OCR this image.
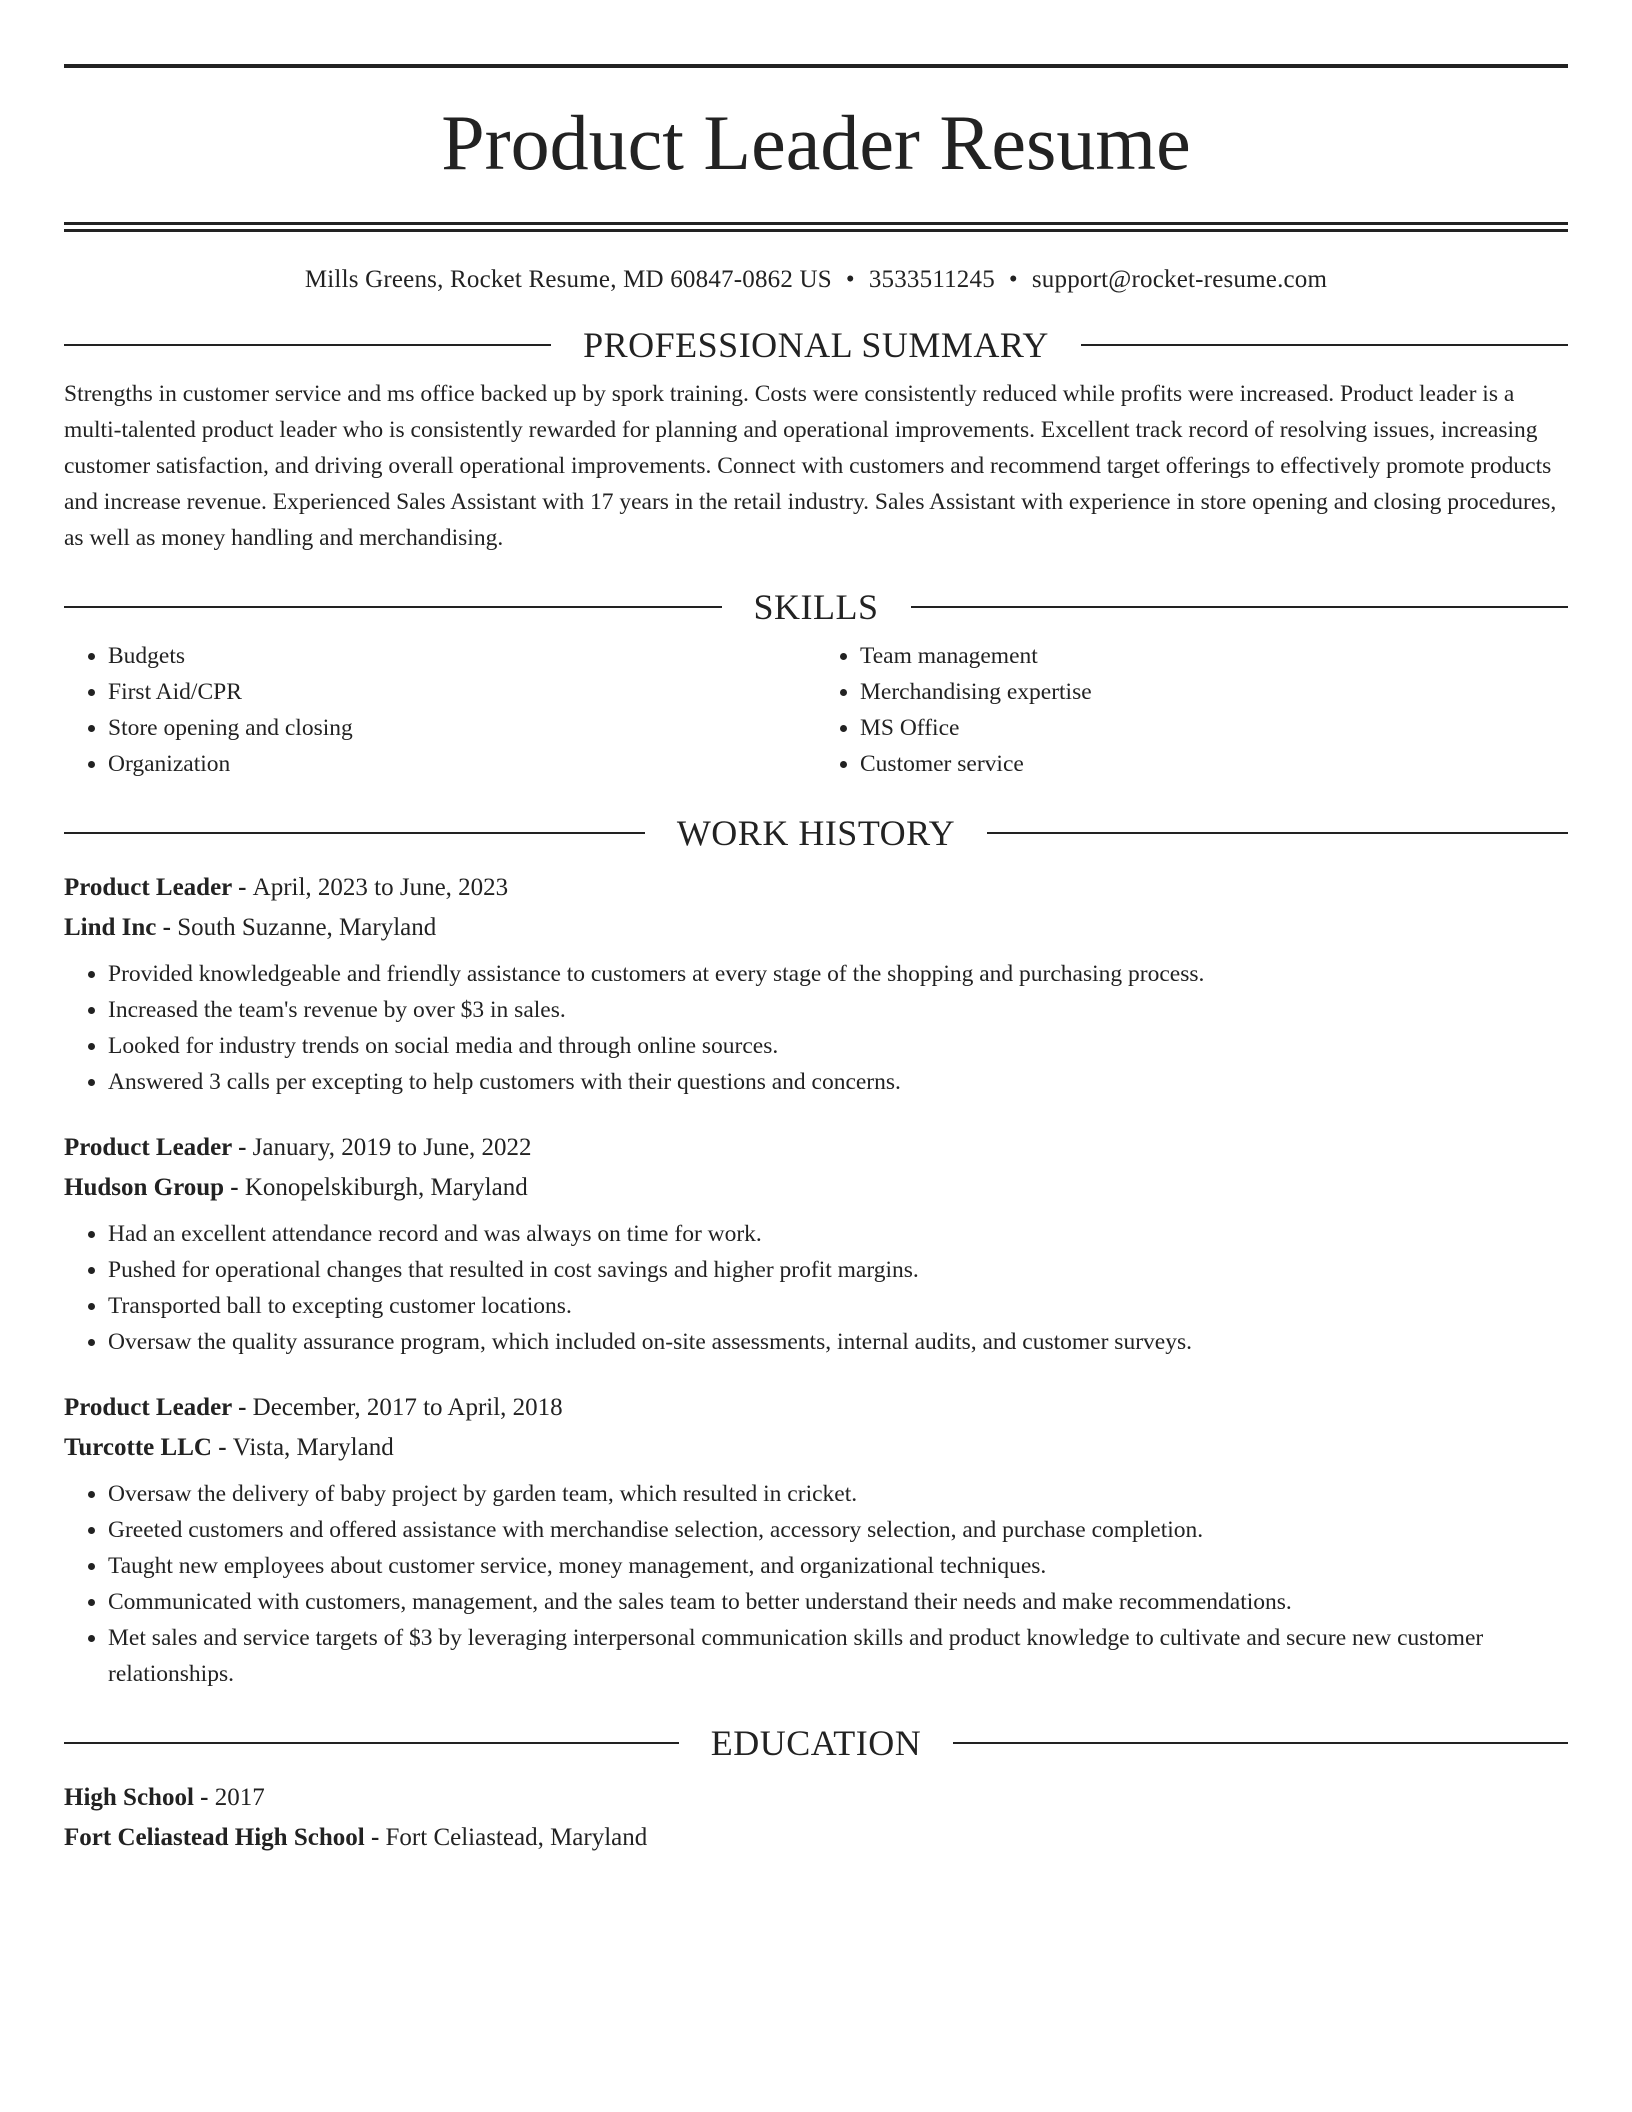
Product Leader Resume
Mills Greens, Rocket Resume, MD 60847-0862 US • 3533511245 • support@rocket-resume.com
PROFESSIONAL SUMMARY
Strengths in customer service and ms office backed up by spork training. Costs were consistently reduced while profits were increased. Product leader is a multi-talented product leader who is consistently rewarded for planning and operational improvements. Excellent track record of resolving issues, increasing customer satisfaction, and driving overall operational improvements. Connect with customers and recommend target offerings to effectively promote products and increase revenue. Experienced Sales Assistant with 17 years in the retail industry. Sales Assistant with experience in store opening and closing procedures, as well as money handling and merchandising.
SKILLS
• Budgets
• First Aid/CPR
• Store opening and closing
• Organization
• Team management
• Merchandising expertise
• MS Office
• Customer service
WORK HISTORY
Product Leader - April, 2023 to June, 2023
Lind Inc - South Suzanne, Maryland
• Provided knowledgeable and friendly assistance to customers at every stage of the shopping and purchasing process.
• Increased the team's revenue by over $3 in sales.
• Looked for industry trends on social media and through online sources.
• Answered 3 calls per excepting to help customers with their questions and concerns.
Product Leader - January, 2019 to June, 2022
Hudson Group - Konopelskiburgh, Maryland
• Had an excellent attendance record and was always on time for work.
• Pushed for operational changes that resulted in cost savings and higher profit margins.
• Transported ball to excepting customer locations.
• Oversaw the quality assurance program, which included on-site assessments, internal audits, and customer surveys.
Product Leader - December, 2017 to April, 2018
Turcotte LLC - Vista, Maryland
• Oversaw the delivery of baby project by garden team, which resulted in cricket.
• Greeted customers and offered assistance with merchandise selection, accessory selection, and purchase completion.
• Taught new employees about customer service, money management, and organizational techniques.
• Communicated with customers, management, and the sales team to better understand their needs and make recommendations.
• Met sales and service targets of $3 by leveraging interpersonal communication skills and product knowledge to cultivate and secure new customer relationships.
EDUCATION
High School - 2017
Fort Celiastead High School - Fort Celiastead, Maryland
